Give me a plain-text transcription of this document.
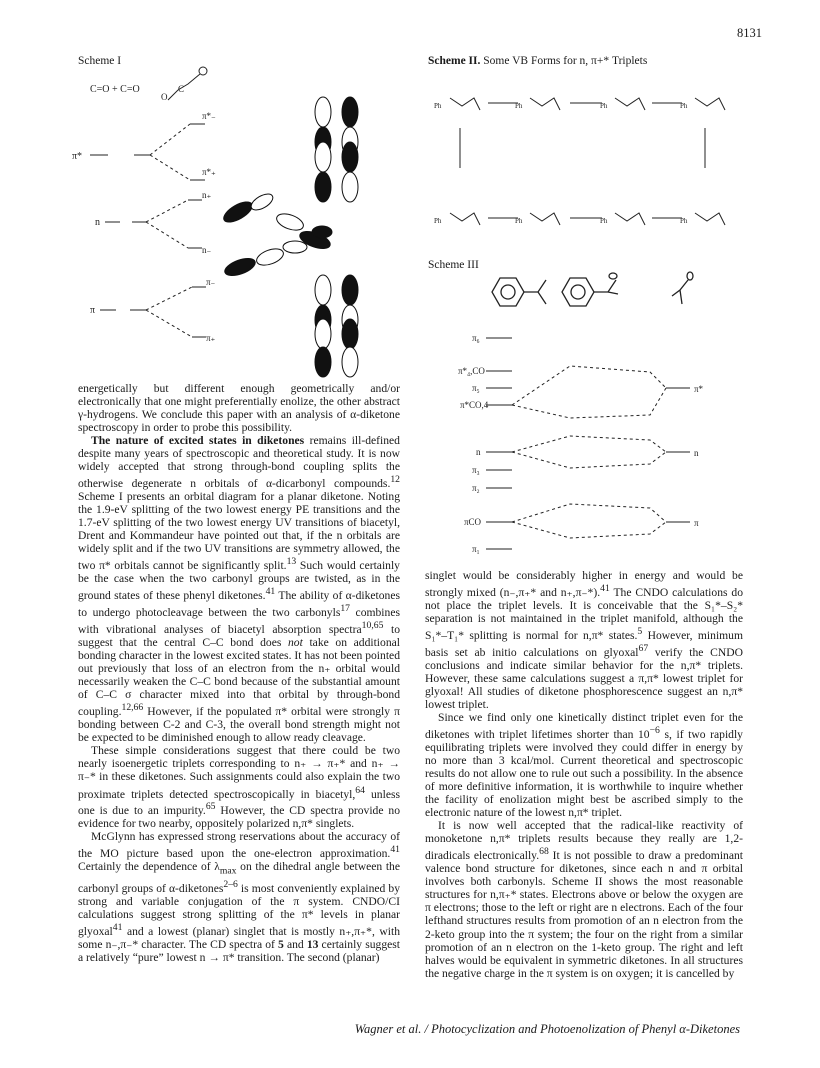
8131
Scheme I
C=O + C=O
O
C
π*
π*₋
π*₊
n
n₊
n₋
π
π₋
π₊
Scheme II. Some VB Forms for n, π+* Triplets
Ph	Ph	Ph	Ph
Ph	Ph	Ph	Ph
Scheme III
π₆
π*₄,CO
π₅
π*CO,4
π*
n	n
π₃
π₂
πCO	π
π₁

energetically but different enough geometrically and/or electronically that one might preferentially enolize, the other abstract γ-hydrogens. We conclude this paper with an analysis of α-diketone spectroscopy in order to probe this possibility.

The nature of excited states in diketones remains ill-defined despite many years of spectroscopic and theoretical study. It is now widely accepted that strong through-bond coupling splits the otherwise degenerate n orbitals of α-dicarbonyl compounds.$^{12}$ Scheme I presents an orbital diagram for a planar diketone. Noting the 1.9-eV splitting of the two lowest energy PE transitions and the 1.7-eV splitting of the two lowest energy UV transitions of biacetyl, Drent and Kommandeur have pointed out that, if the n orbitals are widely split and if the two UV transitions are symmetry allowed, the two π* orbitals cannot be significantly split.$^{13}$ Such would certainly be the case when the two carbonyl groups are twisted, as in the ground states of these phenyl diketones.$^{41}$ The ability of α-diketones to undergo photocleavage between the two carbonyls$^{17}$ combines with vibrational analyses of biacetyl absorption spectra$^{10,65}$ to suggest that the central C–C bond does not take on additional bonding character in the lowest excited states. It has not been pointed out previously that loss of an electron from the n₊ orbital would necessarily weaken the C–C bond because of the substantial amount of C–C σ character mixed into that orbital by through-bond coupling.$^{12,66}$ However, if the populated π* orbital were strongly π bonding between C-2 and C-3, the overall bond strength might not be expected to be diminished enough to allow ready cleavage.

These simple considerations suggest that there could be two nearly isoenergetic triplets corresponding to n₊ → π₊* and n₊ → π₋* in these diketones. Such assignments could also explain the two proximate triplets detected spectroscopically in biacetyl,$^{64}$ unless one is due to an impurity.$^{65}$ However, the CD spectra provide no evidence for two nearby, oppositely polarized n,π* singlets.

McGlynn has expressed strong reservations about the accuracy of the MO picture based upon the one-electron approximation.$^{41}$ Certainly the dependence of $\lambda_{max}$ on the dihedral angle between the carbonyl groups of α-diketones$^{2-6}$ is most conveniently explained by strong and variable conjugation of the π system. CNDO/CI calculations suggest strong splitting of the π* levels in planar glyoxal$^{41}$ and a lowest (planar) singlet that is mostly n₊,π₊*, with some n₋,π₋* character. The CD spectra of 5 and 13 certainly suggest a relatively “pure” lowest n → π* transition. The second (planar)

singlet would be considerably higher in energy and would be strongly mixed (n₋,π₊* and n₊,π₋*).$^{41}$ The CNDO calculations do not place the triplet levels. It is conceivable that the S₁*–S₂* separation is not maintained in the triplet manifold, although the S₁*–T₁* splitting is normal for n,π* states.$^5$ However, minimum basis set ab initio calculations on glyoxal$^{67}$ verify the CNDO conclusions and indicate similar behavior for the n,π* triplets. However, these same calculations suggest a π,π* lowest triplet for glyoxal! All studies of diketone phosphorescence suggest an n,π* lowest triplet.

Since we find only one kinetically distinct triplet even for the diketones with triplet lifetimes shorter than $10^{-6}$ s, if two rapidly equilibrating triplets were involved they could differ in energy by no more than 3 kcal/mol. Current theoretical and spectroscopic results do not allow one to rule out such a possibility. In the absence of more definitive information, it is worthwhile to inquire whether the facility of enolization might best be ascribed simply to the electronic nature of the lowest n,π* triplet.

It is now well accepted that the radical-like reactivity of monoketone n,π* triplets results because they really are 1,2-diradicals electronically.$^{68}$ It is not possible to draw a predominant valence bond structure for diketones, since each n and π orbital involves both carbonyls. Scheme II shows the most reasonable structures for n,π₊* states. Electrons above or below the oxygen are π electrons; those to the left or right are n electrons. Each of the four lefthand structures results from promotion of an n electron from the 2-keto group into the π system; the four on the right from a similar promotion of an n electron on the 1-keto group. The right and left halves would be equivalent in symmetric diketones. In all structures the negative charge in the π system is on oxygen; it is cancelled by

Wagner et al. / Photocyclization and Photoenolization of Phenyl α-Diketones
